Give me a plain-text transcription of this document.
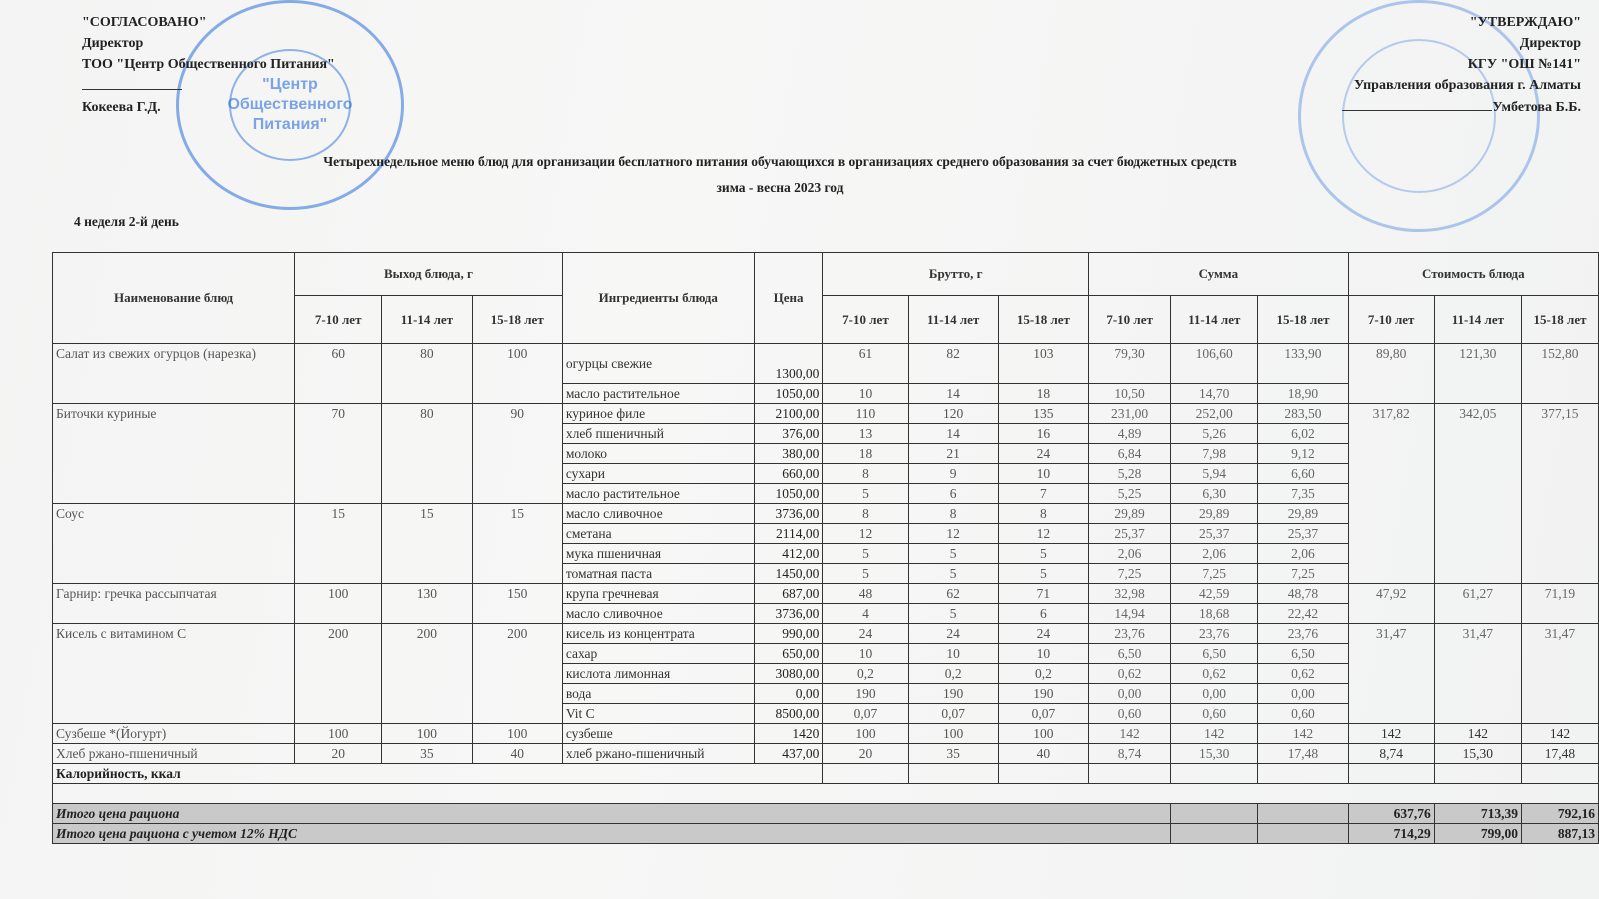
"Центр Общественного Питания"
"СОГЛАСОВАНО"
Директор
ТОО "Центр Общественного Питания"
Кокеева Г.Д.
"УТВЕРЖДАЮ"
Директор
КГУ "ОШ №141"
Управления образования г. Алматы
Умбетова Б.Б.
Четырехнедельное меню блюд для организации бесплатного питания обучающихся в организациях среднего образования за счет бюджетных средств
зима - весна 2023 год
4 неделя 2-й день
Наименование блюд	Выход блюда, г			Ингредиенты блюда	Цена	Брутто, г			Сумма			Стоимость блюда		
	7-10 лет	11-14 лет	15-18 лет			7-10 лет	11-14 лет	15-18 лет	7-10 лет	11-14 лет	15-18 лет	7-10 лет	11-14 лет	15-18 лет
Салат из свежих огурцов (нарезка)	60	80	100	огурцы свежие	1300,00	61	82	103	79,30	106,60	133,90	89,80	121,30	152,80
				масло растительное	1050,00	10	14	18	10,50	14,70	18,90			
Биточки куриные	70	80	90	куриное филе	2100,00	110	120	135	231,00	252,00	283,50	317,82	342,05	377,15
				хлеб пшеничный	376,00	13	14	16	4,89	5,26	6,02			
				молоко	380,00	18	21	24	6,84	7,98	9,12			
				сухари	660,00	8	9	10	5,28	5,94	6,60			
				масло растительное	1050,00	5	6	7	5,25	6,30	7,35			
Соус	15	15	15	масло сливочное	3736,00	8	8	8	29,89	29,89	29,89			
				сметана	2114,00	12	12	12	25,37	25,37	25,37			
				мука пшеничная	412,00	5	5	5	2,06	2,06	2,06			
				томатная паста	1450,00	5	5	5	7,25	7,25	7,25			
Гарнир: гречка рассыпчатая	100	130	150	крупа гречневая	687,00	48	62	71	32,98	42,59	48,78	47,92	61,27	71,19
				масло сливочное	3736,00	4	5	6	14,94	18,68	22,42			
Кисель с витамином С	200	200	200	кисель из концентрата	990,00	24	24	24	23,76	23,76	23,76	31,47	31,47	31,47
				сахар	650,00	10	10	10	6,50	6,50	6,50			
				кислота лимонная	3080,00	0,2	0,2	0,2	0,62	0,62	0,62			
				вода	0,00	190	190	190	0,00	0,00	0,00			
				Vit C	8500,00	0,07	0,07	0,07	0,60	0,60	0,60			
Сузбеше *(Йогурт)	100	100	100	сузбеше	1420	100	100	100	142	142	142	142	142	142
Хлеб ржано-пшеничный	20	35	40	хлеб ржано-пшеничный	437,00	20	35	40	8,74	15,30	17,48	8,74	15,30	17,48
Калорийность, ккал														

Итого цена рациона												637,76	713,39	792,16
Итого цена рациона с учетом 12% НДС												714,29	799,00	887,13
